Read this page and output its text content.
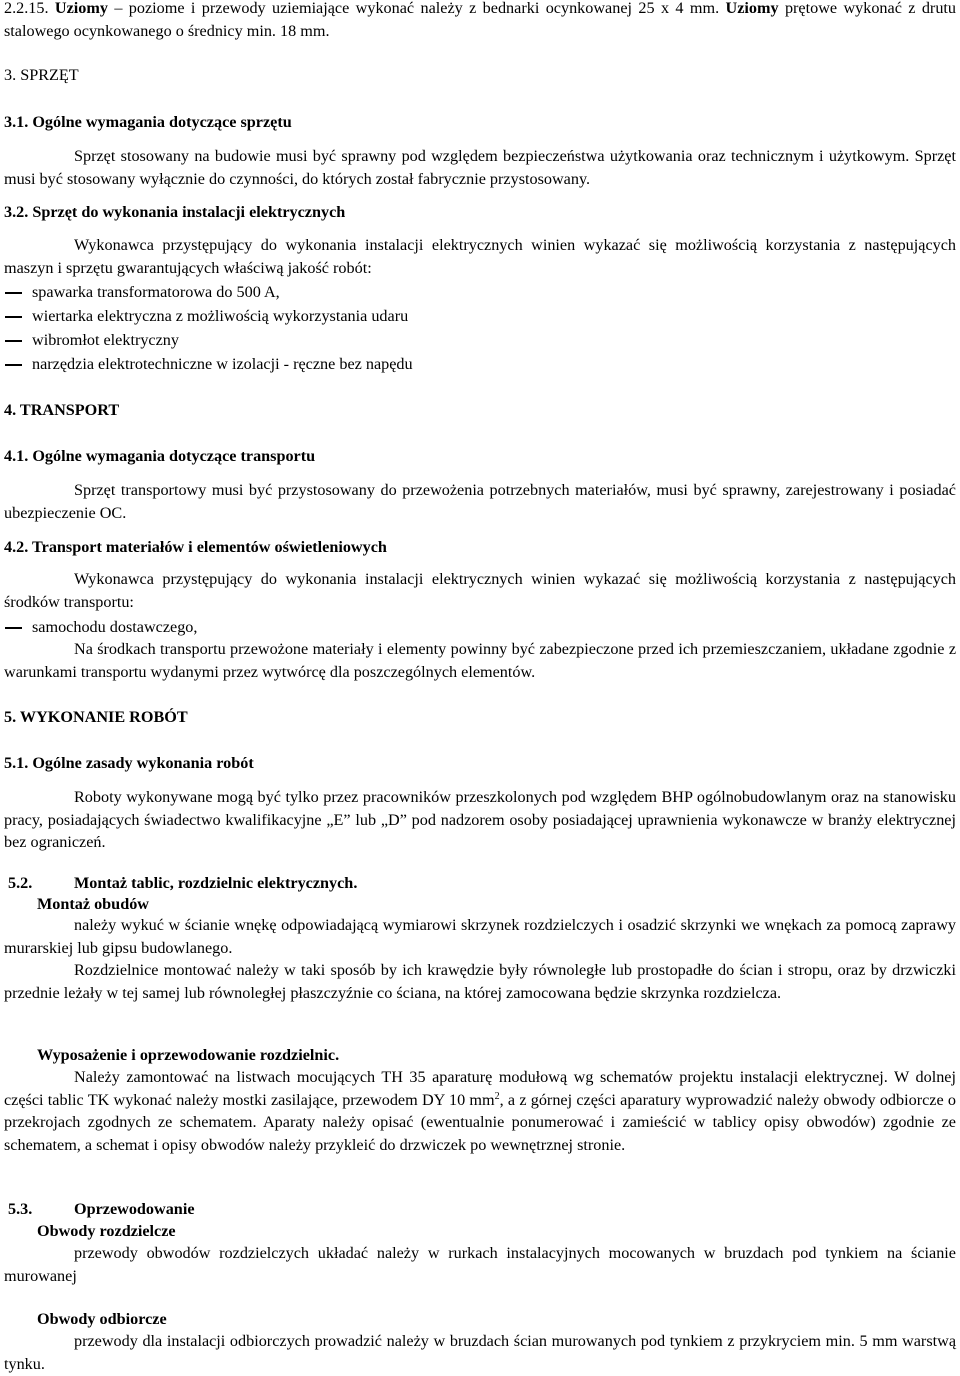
2.2.15. Uziomy – poziome i przewody uziemiające wykonać należy z bednarki ocynkowanej 25 x 4 mm. Uziomy prętowe wykonać z drutu stalowego ocynkowanego o średnicy min. 18 mm.
3. SPRZĘT
3.1. Ogólne wymagania dotyczące sprzętu
Sprzęt stosowany na budowie musi być sprawny pod względem bezpieczeństwa użytkowania oraz technicznym i użytkowym. Sprzęt musi być stosowany wyłącznie do czynności, do których został fabrycznie przystosowany.
3.2. Sprzęt do wykonania instalacji elektrycznych
Wykonawca przystępujący do wykonania instalacji elektrycznych winien wykazać się możliwością korzystania z następujących maszyn i sprzętu gwarantujących właściwą jakość robót:
spawarka transformatorowa do 500 A,
wiertarka elektryczna z możliwością wykorzystania udaru
wibromłot elektryczny
narzędzia elektrotechniczne w izolacji - ręczne bez napędu
4. TRANSPORT
4.1. Ogólne wymagania dotyczące transportu
Sprzęt transportowy musi być przystosowany do przewożenia potrzebnych materiałów, musi być sprawny, zarejestrowany i posiadać ubezpieczenie OC.
4.2. Transport materiałów i elementów oświetleniowych
Wykonawca przystępujący do wykonania instalacji elektrycznych winien wykazać się możliwością korzystania z następujących środków transportu:
samochodu dostawczego,
Na środkach transportu przewożone materiały i elementy powinny być zabezpieczone przed ich przemieszczaniem, układane zgodnie z warunkami transportu wydanymi przez wytwórcę dla poszczególnych elementów.
5. WYKONANIE ROBÓT
5.1. Ogólne zasady wykonania robót
Roboty wykonywane mogą być tylko przez pracowników przeszkolonych pod względem BHP ogólnobudowlanym oraz na stanowisku pracy, posiadających świadectwo kwalifikacyjne „E” lub „D” pod nadzorem osoby posiadającej uprawnienia wykonawcze w branży elektrycznej bez ograniczeń.
5.2.	Montaż tablic, rozdzielnic elektrycznych.
Montaż obudów
należy wykuć w ścianie wnękę odpowiadającą wymiarowi skrzynek rozdzielczych i osadzić skrzynki we wnękach za pomocą zaprawy murarskiej lub gipsu budowlanego.
Rozdzielnice montować należy w taki sposób by ich krawędzie były równoległe lub prostopadłe do ścian i stropu, oraz by drzwiczki przednie leżały w tej samej lub równoległej płaszczyźnie co ściana, na której zamocowana będzie skrzynka rozdzielcza.
Wyposażenie i oprzewodowanie rozdzielnic.
Należy zamontować na listwach mocujących TH 35 aparaturę modułową wg schematów projektu instalacji elektrycznej. W dolnej części tablic TK wykonać należy mostki zasilające, przewodem DY 10 $mm^2$, a z górnej części aparatury wyprowadzić należy obwody odbiorcze o przekrojach zgodnych ze schematem. Aparaty należy opisać (ewentualnie ponumerować i zamieścić w tablicy opisy obwodów) zgodnie ze schematem, a schemat i opisy obwodów należy przykleić do drzwiczek po wewnętrznej stronie.
5.3.	Oprzewodowanie
Obwody rozdzielcze
przewody obwodów rozdzielczych układać należy w rurkach instalacyjnych mocowanych w bruzdach pod tynkiem na ścianie murowanej
Obwody odbiorcze
przewody dla instalacji odbiorczych prowadzić należy w bruzdach ścian murowanych pod tynkiem z przykryciem min. 5 mm warstwą tynku.
